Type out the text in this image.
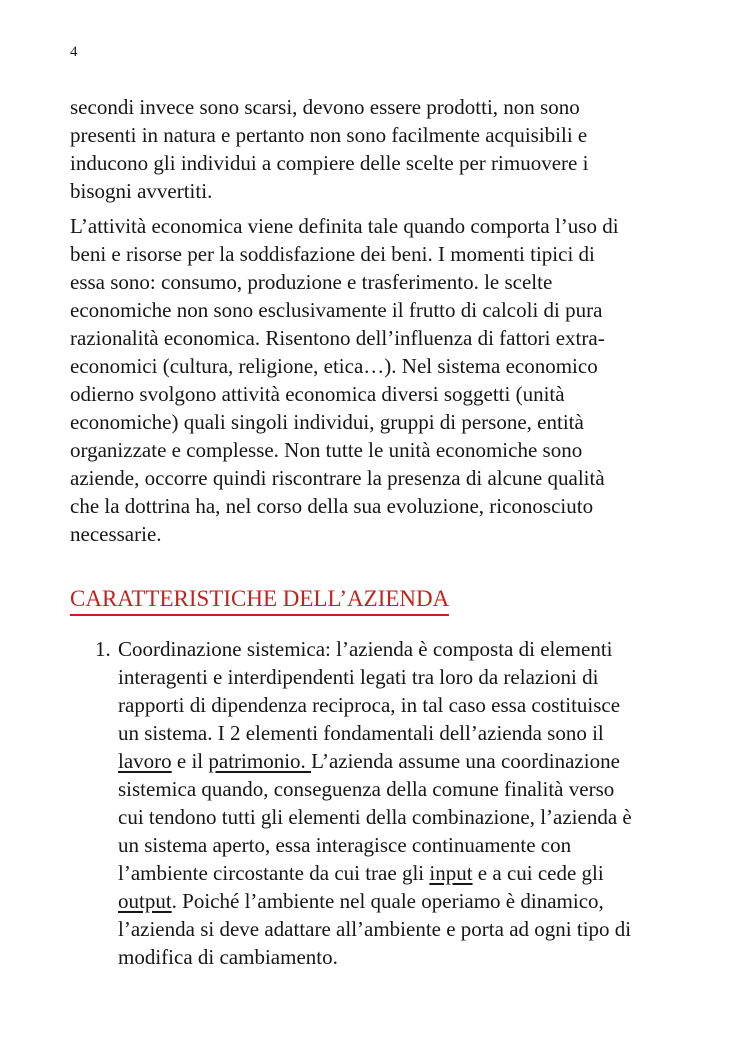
4

secondi invece sono scarsi, devono essere prodotti, non sono
presenti in natura e pertanto non sono facilmente acquisibili e
inducono gli individui a compiere delle scelte per rimuovere i
bisogni avvertiti.

L’attività economica viene definita tale quando comporta l’uso di
beni e risorse per la soddisfazione dei beni. I momenti tipici di
essa sono: consumo, produzione e trasferimento. le scelte
economiche non sono esclusivamente il frutto di calcoli di pura
razionalità economica. Risentono dell’influenza di fattori extra-
economici (cultura, religione, etica…). Nel sistema economico
odierno svolgono attività economica diversi soggetti (unità
economiche) quali singoli individui, gruppi di persone, entità
organizzate e complesse. Non tutte le unità economiche sono
aziende, occorre quindi riscontrare la presenza di alcune qualità
che la dottrina ha, nel corso della sua evoluzione, riconosciuto
necessarie.

CARATTERISTICHE DELL’AZIENDA
1. Coordinazione sistemica: l’azienda è composta di elementi
interagenti e interdipendenti legati tra loro da relazioni di
rapporti di dipendenza reciproca, in tal caso essa costituisce
un sistema. I 2 elementi fondamentali dell’azienda sono il
lavoro e il patrimonio. L’azienda assume una coordinazione
sistemica quando, conseguenza della comune finalità verso
cui tendono tutti gli elementi della combinazione, l’azienda è
un sistema aperto, essa interagisce continuamente con
l’ambiente circostante da cui trae gli input e a cui cede gli
output. Poiché l’ambiente nel quale operiamo è dinamico,
l’azienda si deve adattare all’ambiente e porta ad ogni tipo di
modifica di cambiamento.
